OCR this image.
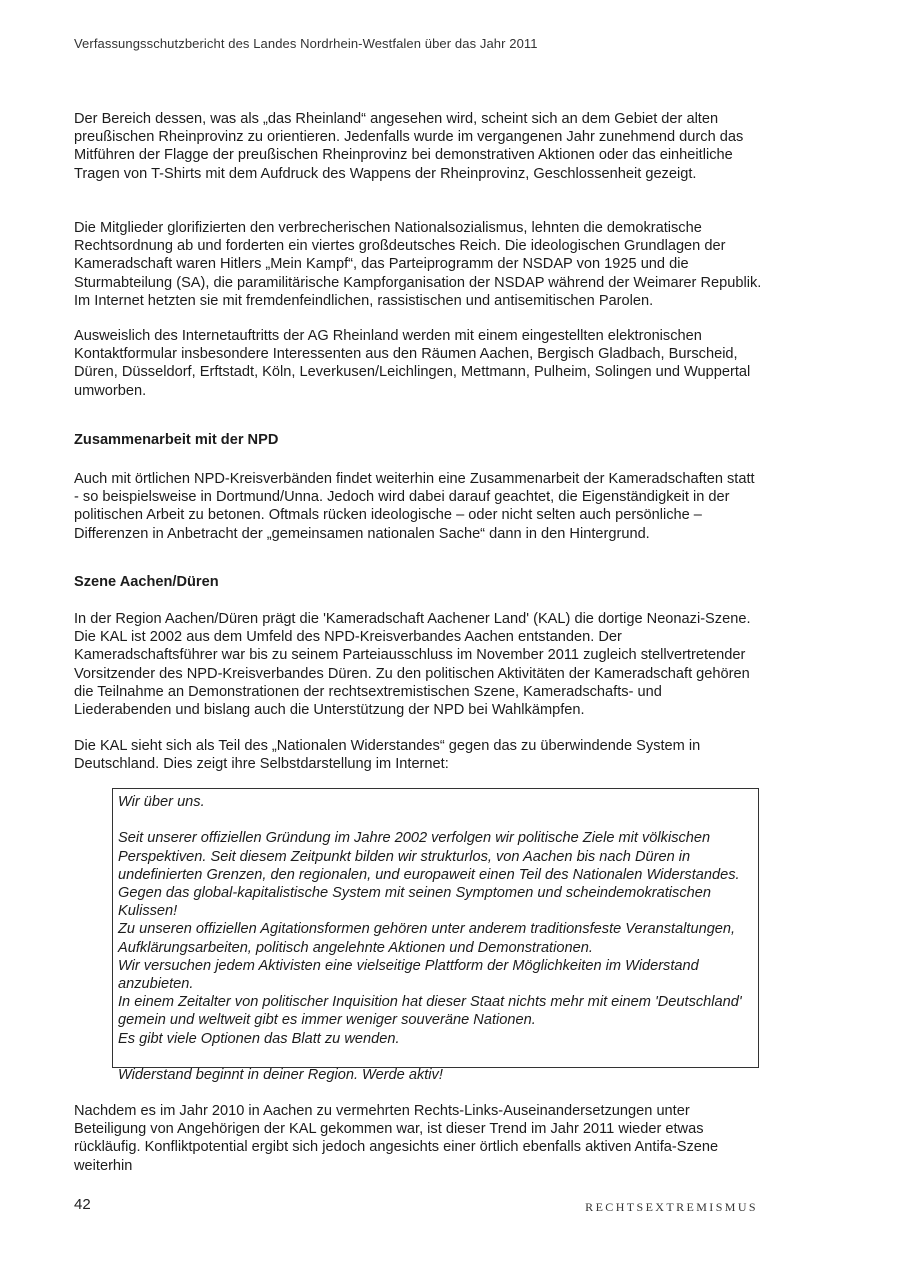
Verfassungsschutzbericht des Landes Nordrhein-Westfalen über das Jahr 2011

Der Bereich dessen, was als „das Rheinland“ angesehen wird, scheint sich an dem Gebiet der alten preußischen Rheinprovinz zu orientieren. Jedenfalls wurde im vergangenen Jahr zunehmend durch das Mitführen der Flagge der preußischen Rheinprovinz bei demonstrativen Aktionen oder das einheitliche Tragen von T-Shirts mit dem Aufdruck des Wappens der Rheinprovinz, Geschlossenheit gezeigt.

Die Mitglieder glorifizierten den verbrecherischen Nationalsozialismus, lehnten die demokratische Rechtsordnung ab und forderten ein viertes großdeutsches Reich. Die ideologischen Grundlagen der Kameradschaft waren Hitlers „Mein Kampf“, das Parteiprogramm der NSDAP von 1925 und die Sturmabteilung (SA), die paramilitärische Kampforganisation der NSDAP während der Weimarer Republik. Im Internet hetzten sie mit fremdenfeindlichen, rassistischen und antisemitischen Parolen.

Ausweislich des Internetauftritts der AG Rheinland werden mit einem eingestellten elektronischen Kontaktformular insbesondere Interessenten aus den Räumen Aachen, Bergisch Gladbach, Burscheid, Düren, Düsseldorf, Erftstadt, Köln, Leverkusen/Leichlingen, Mettmann, Pulheim, Solingen und Wuppertal umworben.

Zusammenarbeit mit der NPD

Auch mit örtlichen NPD-Kreisverbänden findet weiterhin eine Zusammenarbeit der Kameradschaften statt - so beispielsweise in Dortmund/Unna. Jedoch wird dabei darauf geachtet, die Eigenständigkeit in der politischen Arbeit zu betonen. Oftmals rücken ideologische – oder nicht selten auch persönliche – Differenzen in Anbetracht der „gemeinsamen nationalen Sache“ dann in den Hintergrund.

Szene Aachen/Düren

In der Region Aachen/Düren prägt die 'Kameradschaft Aachener Land' (KAL) die dortige Neonazi-Szene. Die KAL ist 2002 aus dem Umfeld des NPD-Kreisverbandes Aachen entstanden. Der Kameradschaftsführer war bis zu seinem Parteiausschluss im November 2011 zugleich stellvertretender Vorsitzender des NPD-Kreisverbandes Düren. Zu den politischen Aktivitäten der Kameradschaft gehören die Teilnahme an Demonstrationen der rechtsextremistischen Szene, Kameradschafts- und Liederabenden und bislang auch die Unterstützung der NPD bei Wahlkämpfen.

Die KAL sieht sich als Teil des „Nationalen Widerstandes“ gegen das zu überwindende System in Deutschland. Dies zeigt ihre Selbstdarstellung im Internet:

Wir über uns.

Seit unserer offiziellen Gründung im Jahre 2002 verfolgen wir politische Ziele mit völkischen Perspektiven. Seit diesem Zeitpunkt bilden wir strukturlos, von Aachen bis nach Düren in undefinierten Grenzen, den regionalen, und europaweit einen Teil des Nationalen Widerstandes.

Gegen das global-kapitalistische System mit seinen Symptomen und scheindemokratischen Kulissen!

Zu unseren offiziellen Agitationsformen gehören unter anderem traditionsfeste Veranstaltungen, Aufklärungsarbeiten, politisch angelehnte Aktionen und Demonstrationen.

Wir versuchen jedem Aktivisten eine vielseitige Plattform der Möglichkeiten im Widerstand anzubieten.

In einem Zeitalter von politischer Inquisition hat dieser Staat nichts mehr mit einem 'Deutschland' gemein und weltweit gibt es immer weniger souveräne Nationen.

Es gibt viele Optionen das Blatt zu wenden.

Widerstand beginnt in deiner Region. Werde aktiv!

Nachdem es im Jahr 2010 in Aachen zu vermehrten Rechts-Links-Auseinandersetzungen unter Beteiligung von Angehörigen der KAL gekommen war, ist dieser Trend im Jahr 2011 wieder etwas rückläufig. Konfliktpotential ergibt sich jedoch angesichts einer örtlich ebenfalls aktiven Antifa-Szene weiterhin

42	RECHTSEXTREMISMUS
